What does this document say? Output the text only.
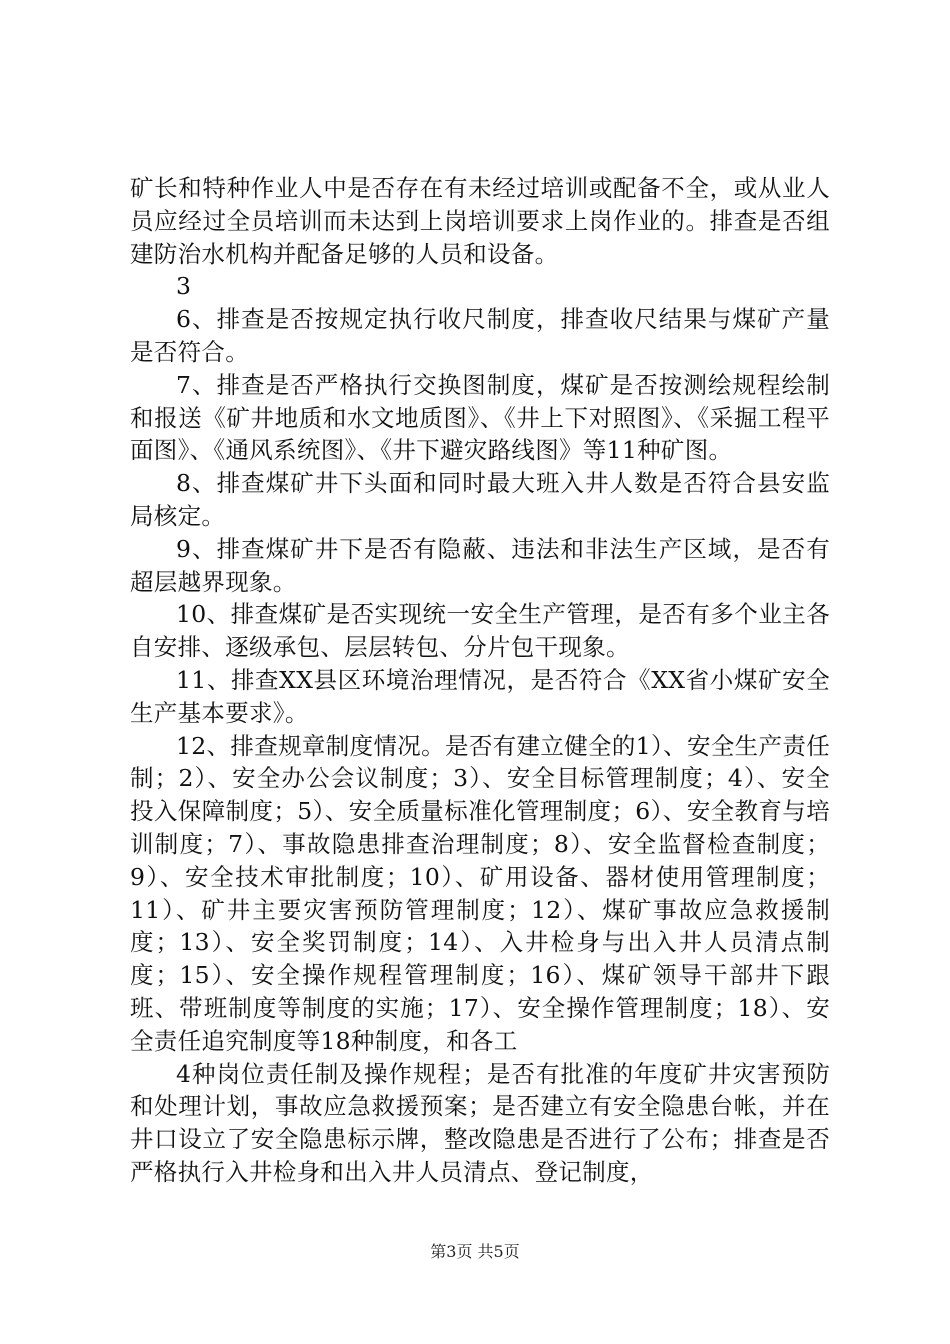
矿长和特种作业人中是否存在有未经过培训或配备不全，或从业人员应经过全员培训而未达到上岗培训要求上岗作业的。排查是否组建防治水机构并配备足够的人员和设备。

3

6、排查是否按规定执行收尺制度，排查收尺结果与煤矿产量是否符合。

7、排查是否严格执行交换图制度，煤矿是否按测绘规程绘制和报送《矿井地质和水文地质图》、《井上下对照图》、《采掘工程平面图》、《通风系统图》、《井下避灾路线图》等11种矿图。

8、排查煤矿井下头面和同时最大班入井人数是否符合县安监局核定。

9、排查煤矿井下是否有隐蔽、违法和非法生产区域，是否有超层越界现象。

10、排查煤矿是否实现统一安全生产管理，是否有多个业主各自安排、逐级承包、层层转包、分片包干现象。

11、排查XX县区环境治理情况，是否符合《XX省小煤矿安全生产基本要求》。

12、排查规章制度情况。是否有建立健全的1）、安全生产责任制；2）、安全办公会议制度；3）、安全目标管理制度；4）、安全投入保障制度；5）、安全质量标准化管理制度；6）、安全教育与培训制度；7）、事故隐患排查治理制度；8）、安全监督检查制度；9）、安全技术审批制度；10）、矿用设备、器材使用管理制度；11）、矿井主要灾害预防管理制度；12）、煤矿事故应急救援制度；13）、安全奖罚制度；14）、入井检身与出入井人员清点制度；15）、安全操作规程管理制度；16）、煤矿领导干部井下跟班、带班制度等制度的实施；17）、安全操作管理制度；18）、安全责任追究制度等18种制度，和各工

4种岗位责任制及操作规程；是否有批准的年度矿井灾害预防和处理计划，事故应急救援预案；是否建立有安全隐患台帐，并在井口设立了安全隐患标示牌，整改隐患是否进行了公布；排查是否严格执行入井检身和出入井人员清点、登记制度，

第3页 共5页
